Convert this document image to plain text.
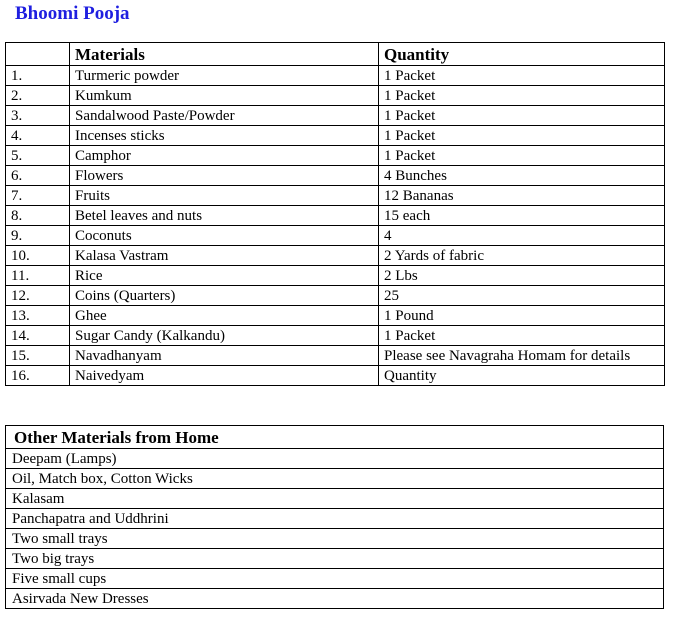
Bhoomi Pooja
	Materials	Quantity
1.	Turmeric powder	1 Packet
2.	Kumkum	1 Packet
3.	Sandalwood Paste/Powder	1 Packet
4.	Incenses sticks	1 Packet
5.	Camphor	1 Packet
6.	Flowers	4 Bunches
7.	Fruits	12 Bananas
8.	Betel leaves and nuts	15 each
9.	Coconuts	4
10.	Kalasa Vastram	2 Yards of fabric
11.	Rice	2 Lbs
12.	Coins (Quarters)	25
13.	Ghee	1 Pound
14.	Sugar Candy (Kalkandu)	1 Packet
15.	Navadhanyam	Please see Navagraha Homam for details
16.	Naivedyam	Quantity
Other Materials from Home
Deepam (Lamps)
Oil, Match box, Cotton Wicks
Kalasam
Panchapatra and Uddhrini
Two small trays
Two big trays
Five small cups
Asirvada New Dresses
